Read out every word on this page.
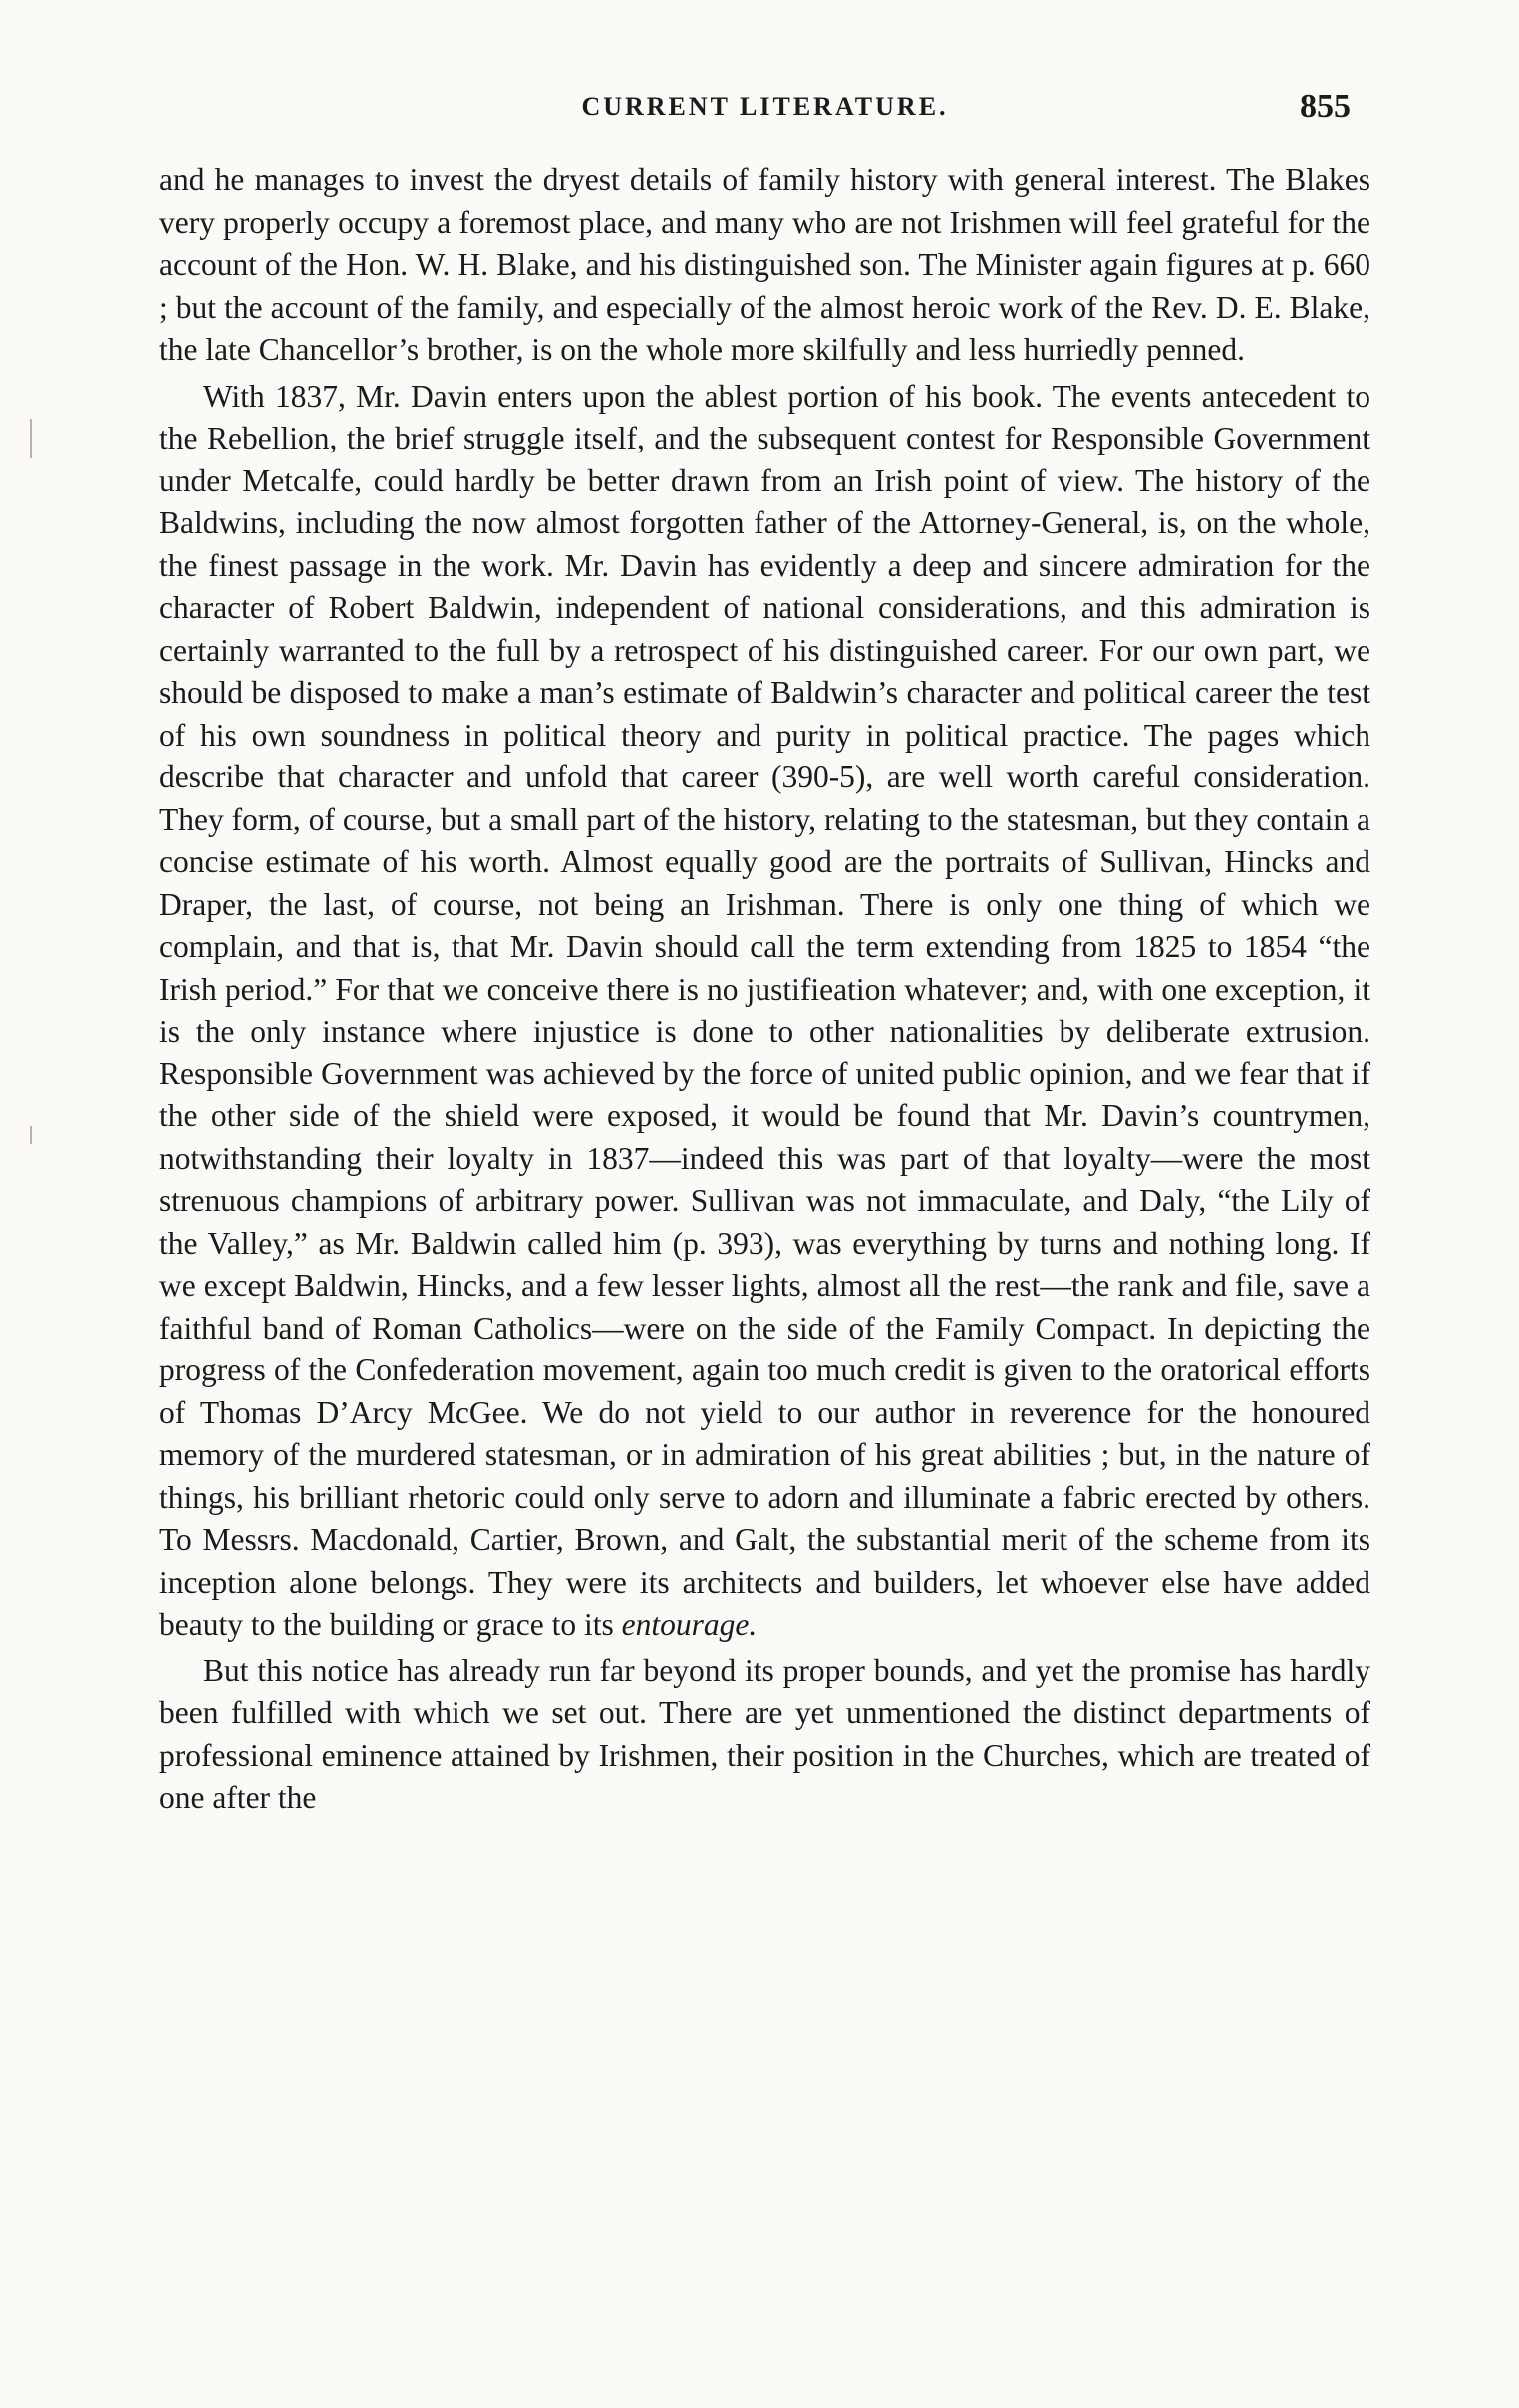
CURRENT LITERATURE.	855

and he manages to invest the dryest details of family history with general interest. The Blakes very properly occupy a foremost place, and many who are not Irishmen will feel grateful for the account of the Hon. W. H. Blake, and his distinguished son. The Minister again figures at p. 660 ; but the account of the family, and especially of the almost heroic work of the Rev. D. E. Blake, the late Chancellor’s brother, is on the whole more skilfully and less hurriedly penned.

With 1837, Mr. Davin enters upon the ablest portion of his book. The events antecedent to the Rebellion, the brief struggle itself, and the subsequent contest for Responsible Government under Metcalfe, could hardly be better drawn from an Irish point of view. The history of the Baldwins, including the now almost forgotten father of the Attorney-General, is, on the whole, the finest passage in the work. Mr. Davin has evidently a deep and sincere admiration for the character of Robert Baldwin, independent of national considerations, and this admiration is certainly warranted to the full by a retrospect of his distinguished career. For our own part, we should be disposed to make a man’s estimate of Baldwin’s character and political career the test of his own soundness in political theory and purity in political practice. The pages which describe that character and unfold that career (390-5), are well worth careful consideration. They form, of course, but a small part of the history, relating to the statesman, but they contain a concise estimate of his worth. Almost equally good are the portraits of Sullivan, Hincks and Draper, the last, of course, not being an Irishman. There is only one thing of which we complain, and that is, that Mr. Davin should call the term extending from 1825 to 1854 “the Irish period.” For that we conceive there is no justifieation whatever; and, with one exception, it is the only instance where injustice is done to other nationalities by deliberate extrusion. Responsible Government was achieved by the force of united public opinion, and we fear that if the other side of the shield were exposed, it would be found that Mr. Davin’s countrymen, notwithstanding their loyalty in 1837—indeed this was part of that loyalty—were the most strenuous champions of arbitrary power. Sullivan was not immaculate, and Daly, “the Lily of the Valley,” as Mr. Baldwin called him (p. 393), was everything by turns and nothing long. If we except Baldwin, Hincks, and a few lesser lights, almost all the rest—the rank and file, save a faithful band of Roman Catholics—were on the side of the Family Compact. In depicting the progress of the Confederation movement, again too much credit is given to the oratorical efforts of Thomas D’Arcy McGee. We do not yield to our author in reverence for the honoured memory of the murdered statesman, or in admiration of his great abilities ; but, in the nature of things, his brilliant rhetoric could only serve to adorn and illuminate a fabric erected by others. To Messrs. Macdonald, Cartier, Brown, and Galt, the substantial merit of the scheme from its inception alone belongs. They were its architects and builders, let whoever else have added beauty to the building or grace to its entourage.

But this notice has already run far beyond its proper bounds, and yet the promise has hardly been fulfilled with which we set out. There are yet unmentioned the distinct departments of professional eminence attained by Irishmen, their position in the Churches, which are treated of one after the
